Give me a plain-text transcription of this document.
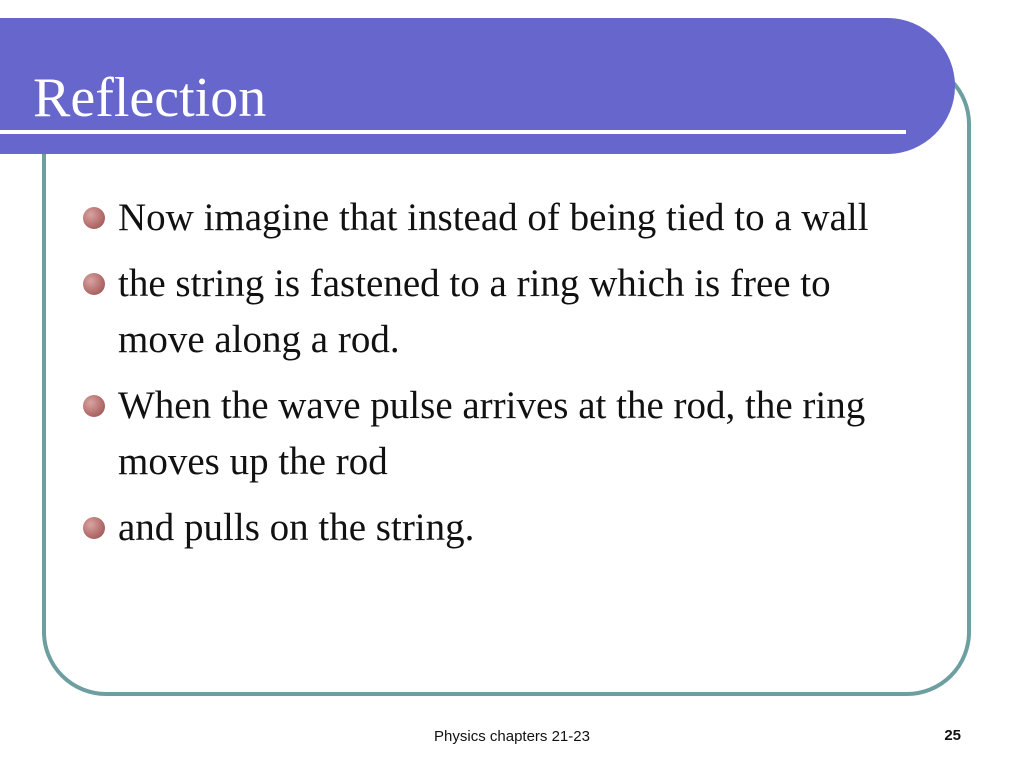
Reflection
Now imagine that instead of being tied to a wall
the string is fastened to a ring which is free to move along a rod.
When the wave pulse arrives at the rod, the ring moves up the rod
and pulls on the string.
Physics chapters 21-23	25
